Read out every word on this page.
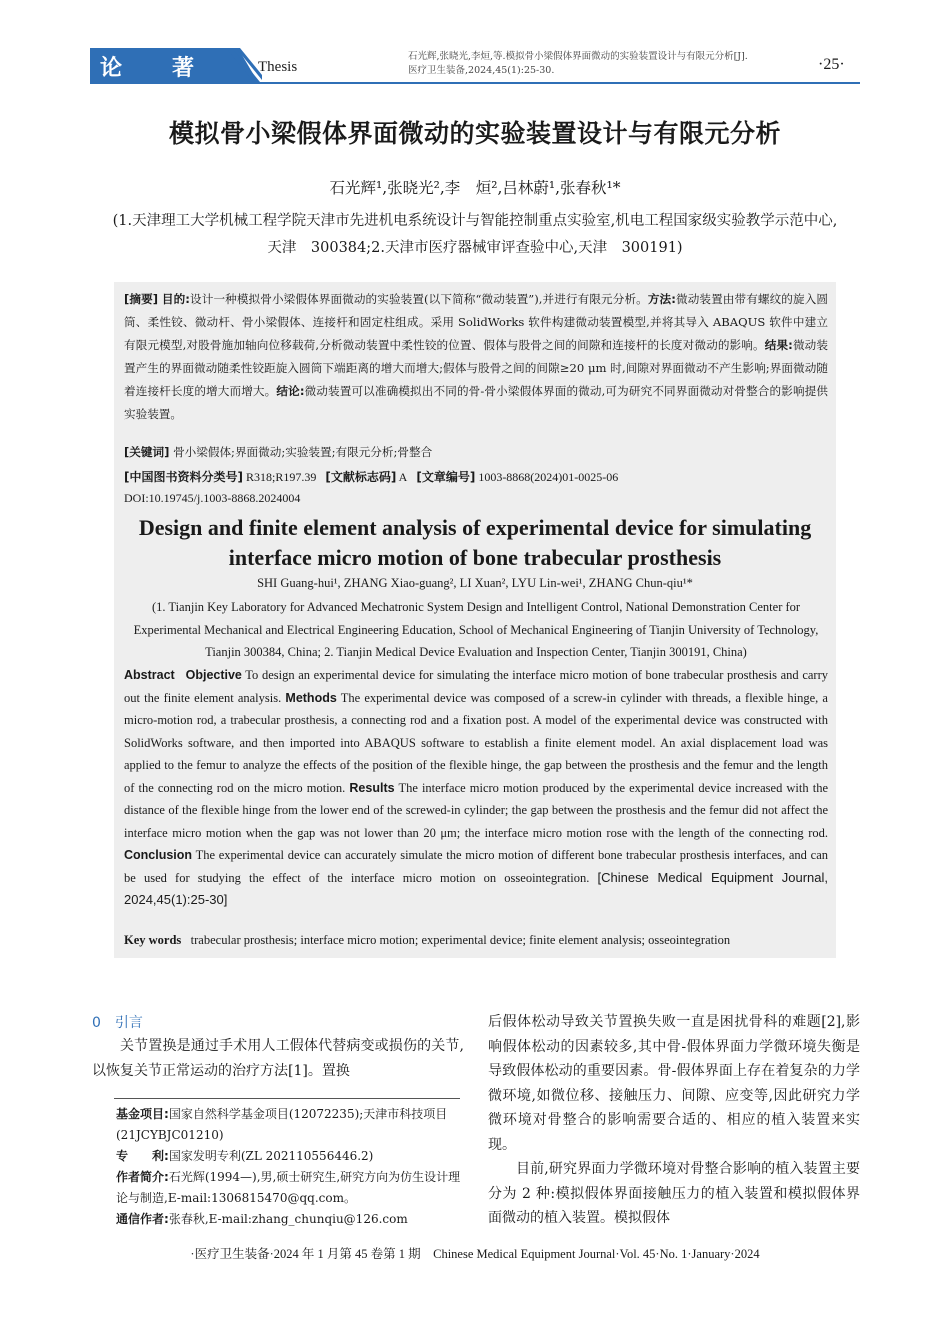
论　　著	Thesis
石光辉,张晓光,李烜,等.模拟骨小梁假体界面微动的实验装置设计与有限元分析[J].
医疗卫生装备,2024,45(1):25-30.	·25·
模拟骨小梁假体界面微动的实验装置设计与有限元分析
石光辉¹,张晓光²,李　烜²,吕林蔚¹,张春秋¹*
(1.天津理工大学机械工程学院天津市先进机电系统设计与智能控制重点实验室,机电工程国家级实验教学示范中心,天津　300384;2.天津市医疗器械审评查验中心,天津　300191)
[摘要] 目的:设计一种模拟骨小梁假体界面微动的实验装置(以下简称“微动装置”),并进行有限元分析。方法:微动装置由带有螺纹的旋入圆筒、柔性铰、微动杆、骨小梁假体、连接杆和固定柱组成。采用 SolidWorks 软件构建微动装置模型,并将其导入 ABAQUS 软件中建立有限元模型,对股骨施加轴向位移载荷,分析微动装置中柔性铰的位置、假体与股骨之间的间隙和连接杆的长度对微动的影响。结果:微动装置产生的界面微动随柔性铰距旋入圆筒下端距离的增大而增大;假体与股骨之间的间隙≥20 μm 时,间隙对界面微动不产生影响;界面微动随着连接杆长度的增大而增大。结论:微动装置可以准确模拟出不同的骨-骨小梁假体界面的微动,可为研究不同界面微动对骨整合的影响提供实验装置。
[关键词] 骨小梁假体;界面微动;实验装置;有限元分析;骨整合
[中国图书资料分类号] R318;R197.39 [文献标志码] A [文章编号] 1003-8868(2024)01-0025-06
DOI:10.19745/j.1003-8868.2024004
Design and finite element analysis of experimental device for simulating interface micro motion of bone trabecular prosthesis
SHI Guang-hui¹, ZHANG Xiao-guang², LI Xuan², LYU Lin-wei¹, ZHANG Chun-qiu¹*
(1. Tianjin Key Laboratory for Advanced Mechatronic System Design and Intelligent Control, National Demonstration Center for Experimental Mechanical and Electrical Engineering Education, School of Mechanical Engineering of Tianjin University of Technology, Tianjin 300384, China; 2. Tianjin Medical Device Evaluation and Inspection Center, Tianjin 300191, China)
Abstract Objective To design an experimental device for simulating the interface micro motion of bone trabecular prosthesis and carry out the finite element analysis. Methods The experimental device was composed of a screw-in cylinder with threads, a flexible hinge, a micro-motion rod, a trabecular prosthesis, a connecting rod and a fixation post. A model of the experimental device was constructed with SolidWorks software, and then imported into ABAQUS software to establish a finite element model. An axial displacement load was applied to the femur to analyze the effects of the position of the flexible hinge, the gap between the prosthesis and the femur and the length of the connecting rod on the micro motion. Results The interface micro motion produced by the experimental device increased with the distance of the flexible hinge from the lower end of the screwed-in cylinder; the gap between the prosthesis and the femur did not affect the interface micro motion when the gap was not lower than 20 μm; the interface micro motion rose with the length of the connecting rod. Conclusion The experimental device can accurately simulate the micro motion of different bone trabecular prosthesis interfaces, and can be used for studying the effect of the interface micro motion on osseointegration. [Chinese Medical Equipment Journal, 2024,45(1):25-30]
Key words trabecular prosthesis; interface micro motion; experimental device; finite element analysis; osseointegration
0　引言
关节置换是通过手术用人工假体代替病变或损伤的关节,以恢复关节正常运动的治疗方法[1]。置换
基金项目:国家自然科学基金项目(12072235);天津市科技项目(21JCYBJC01210)
专　　利:国家发明专利(ZL 202110556446.2)
作者简介:石光辉(1994—),男,硕士研究生,研究方向为仿生设计理论与制造,E-mail:1306815470@qq.com。
通信作者:张春秋,E-mail:zhang_chunqiu@126.com

后假体松动导致关节置换失败一直是困扰骨科的难题[2],影响假体松动的因素较多,其中骨-假体界面力学微环境失衡是导致假体松动的重要因素。骨-假体界面上存在着复杂的力学微环境,如微位移、接触压力、间隙、应变等,因此研究力学微环境对骨整合的影响需要合适的、相应的植入装置来实现。

目前,研究界面力学微环境对骨整合影响的植入装置主要分为 2 种:模拟假体界面接触压力的植入装置和模拟假体界面微动的植入装置。模拟假体

·医疗卫生装备·2024 年 1 月第 45 卷第 1 期　Chinese Medical Equipment Journal·Vol. 45·No. 1·January·2024
